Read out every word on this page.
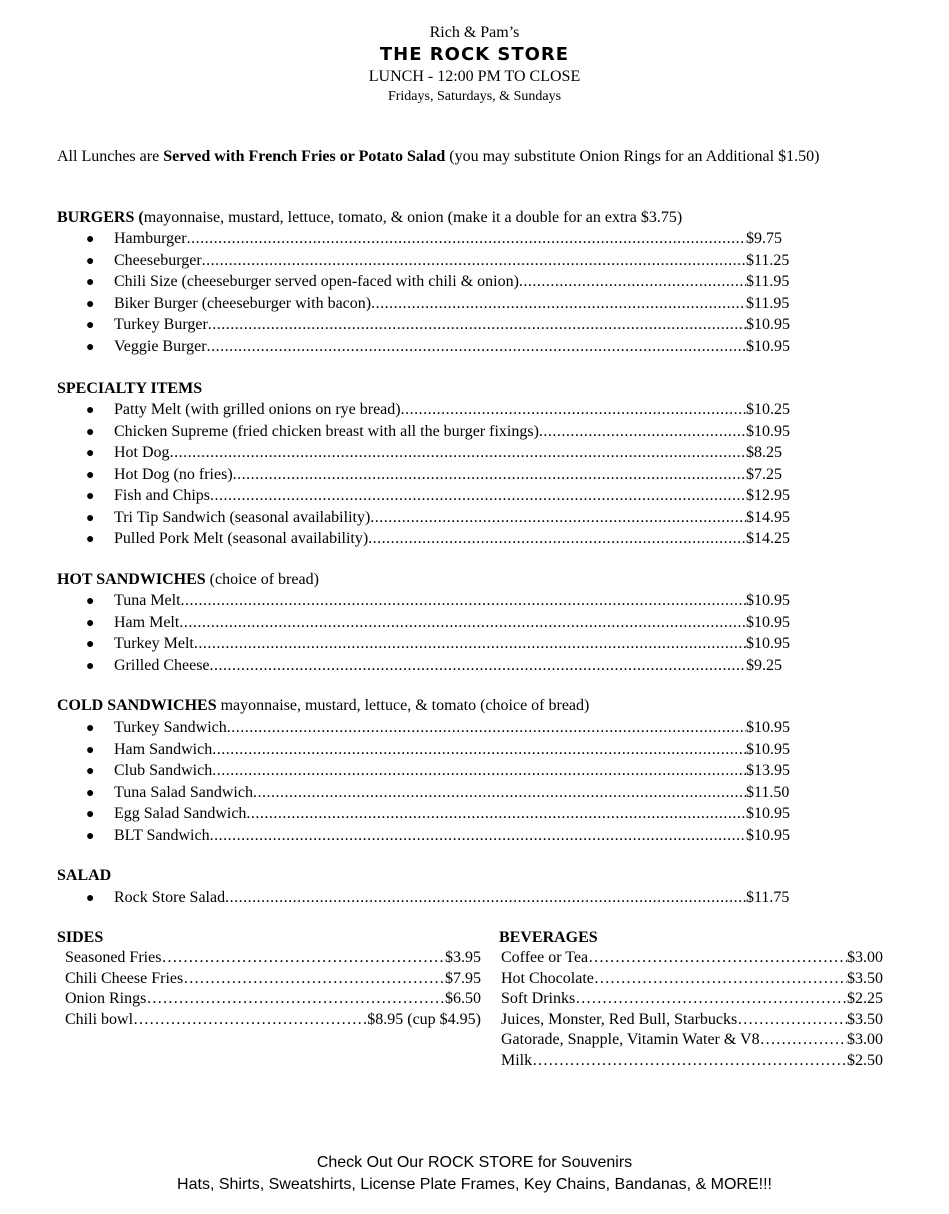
Rich & Pam’s
THE ROCK STORE
LUNCH - 12:00 PM TO CLOSE
Fridays, Saturdays, & Sundays
All Lunches are Served with French Fries or Potato Salad (you may substitute Onion Rings for an Additional $1.50)
BURGERS (mayonnaise, mustard, lettuce, tomato, & onion (make it a double for an extra $3.75)
●	Hamburger .....	$9.75
●	Cheeseburger .....	$11.25
●	Chili Size (cheeseburger served open-faced with chili & onion) .....	$11.95
●	Biker Burger (cheeseburger with bacon) .....	$11.95
●	Turkey Burger .....	$10.95
●	Veggie Burger .....	$10.95
SPECIALTY ITEMS
●	Patty Melt (with grilled onions on rye bread) .....	$10.25
●	Chicken Supreme (fried chicken breast with all the burger fixings) .....	$10.95
●	Hot Dog .....	$8.25
●	Hot Dog (no fries) .....	$7.25
●	Fish and Chips .....	$12.95
●	Tri Tip Sandwich (seasonal availability) .....	$14.95
●	Pulled Pork Melt (seasonal availability) .....	$14.25
HOT SANDWICHES (choice of bread)
●	Tuna Melt .....	$10.95
●	Ham Melt .....	$10.95
●	Turkey Melt .....	$10.95
●	Grilled Cheese .....	$9.25
COLD SANDWICHES mayonnaise, mustard, lettuce, & tomato (choice of bread)
●	Turkey Sandwich .....	$10.95
●	Ham Sandwich .....	$10.95
●	Club Sandwich .....	$13.95
●	Tuna Salad Sandwich .....	$11.50
●	Egg Salad Sandwich .....	$10.95
●	BLT Sandwich .....	$10.95
SALAD
●	Rock Store Salad .....	$11.75
SIDES
Seasoned Fries ………………………………………………………………………………………………………………………………………………	$3.95
Chili Cheese Fries ………………………………………………………………………………………………………………………………………………	$7.95
Onion Rings ………………………………………………………………………………………………………………………………………………	$6.50
Chili bowl ………………………………………………………………………………………………………………………………………………	$8.95 (cup $4.95)
BEVERAGES
Coffee or Tea ………………………………………………………………………………………………………………………………………………	$3.00
Hot Chocolate ………………………………………………………………………………………………………………………………………………	$3.50
Soft Drinks ………………………………………………………………………………………………………………………………………………	$2.25
Juices, Monster, Red Bull, Starbucks ………………………………………………………………………………………………………………………………………………	$3.50
Gatorade, Snapple, Vitamin Water & V8 ………………………………………………………………………………………………………………………………………………	$3.00
Milk ………………………………………………………………………………………………………………………………………………	$2.50
Check Out Our ROCK STORE for Souvenirs
Hats, Shirts, Sweatshirts, License Plate Frames, Key Chains, Bandanas, & MORE!!!
